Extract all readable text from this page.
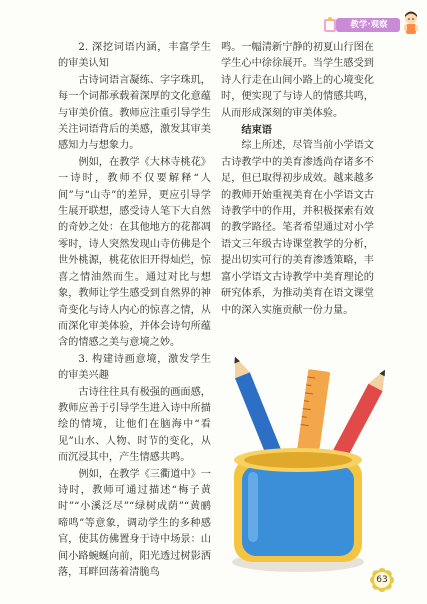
教学·观察

2. 深挖词语内涵，丰富学生的审美认知

古诗词语言凝练、字字珠玑，每一个词都承载着深厚的文化意蕴与审美价值。教师应注重引导学生关注词语背后的美感，激发其审美感知力与想象力。

例如，在教学《大林寺桃花》一诗时，教师不仅要解释“人间”与“山寺”的差异，更应引导学生展开联想，感受诗人笔下大自然的奇妙之处：在其他地方的花都凋零时，诗人突然发现山寺仿佛是个世外桃源，桃花依旧开得灿烂，惊喜之情油然而生。通过对比与想象，教师让学生感受到自然界的神奇变化与诗人内心的惊喜之情，从而深化审美体验，并体会诗句所蕴含的情感之美与意境之妙。

3. 构建诗画意境，激发学生的审美兴趣

古诗往往具有极强的画面感，教师应善于引导学生进入诗中所描绘的情境，让他们在脑海中“看见”山水、人物、时节的变化，从而沉浸其中，产生情感共鸣。

例如，在教学《三衢道中》一诗时，教师可通过描述“梅子黄时”“小溪泛尽”“绿树成荫”“黄鹂啼鸣”等意象，调动学生的多种感官，使其仿佛置身于诗中场景：山间小路蜿蜒向前，阳光透过树影洒落，耳畔回荡着清脆鸟

鸣。一幅清新宁静的初夏山行图在学生心中徐徐展开。当学生感受到诗人行走在山间小路上的心境变化时，便实现了与诗人的情感共鸣，从而形成深刻的审美体验。

结束语

综上所述，尽管当前小学语文古诗教学中的美育渗透尚存诸多不足，但已取得初步成效。越来越多的教师开始重视美育在小学语文古诗教学中的作用，并积极探索有效的教学路径。笔者希望通过对小学语文三年级古诗课堂教学的分析，提出切实可行的美育渗透策略，丰富小学语文古诗教学中美育理论的研究体系，为推动美育在语文课堂中的深入实施贡献一份力量。

63
